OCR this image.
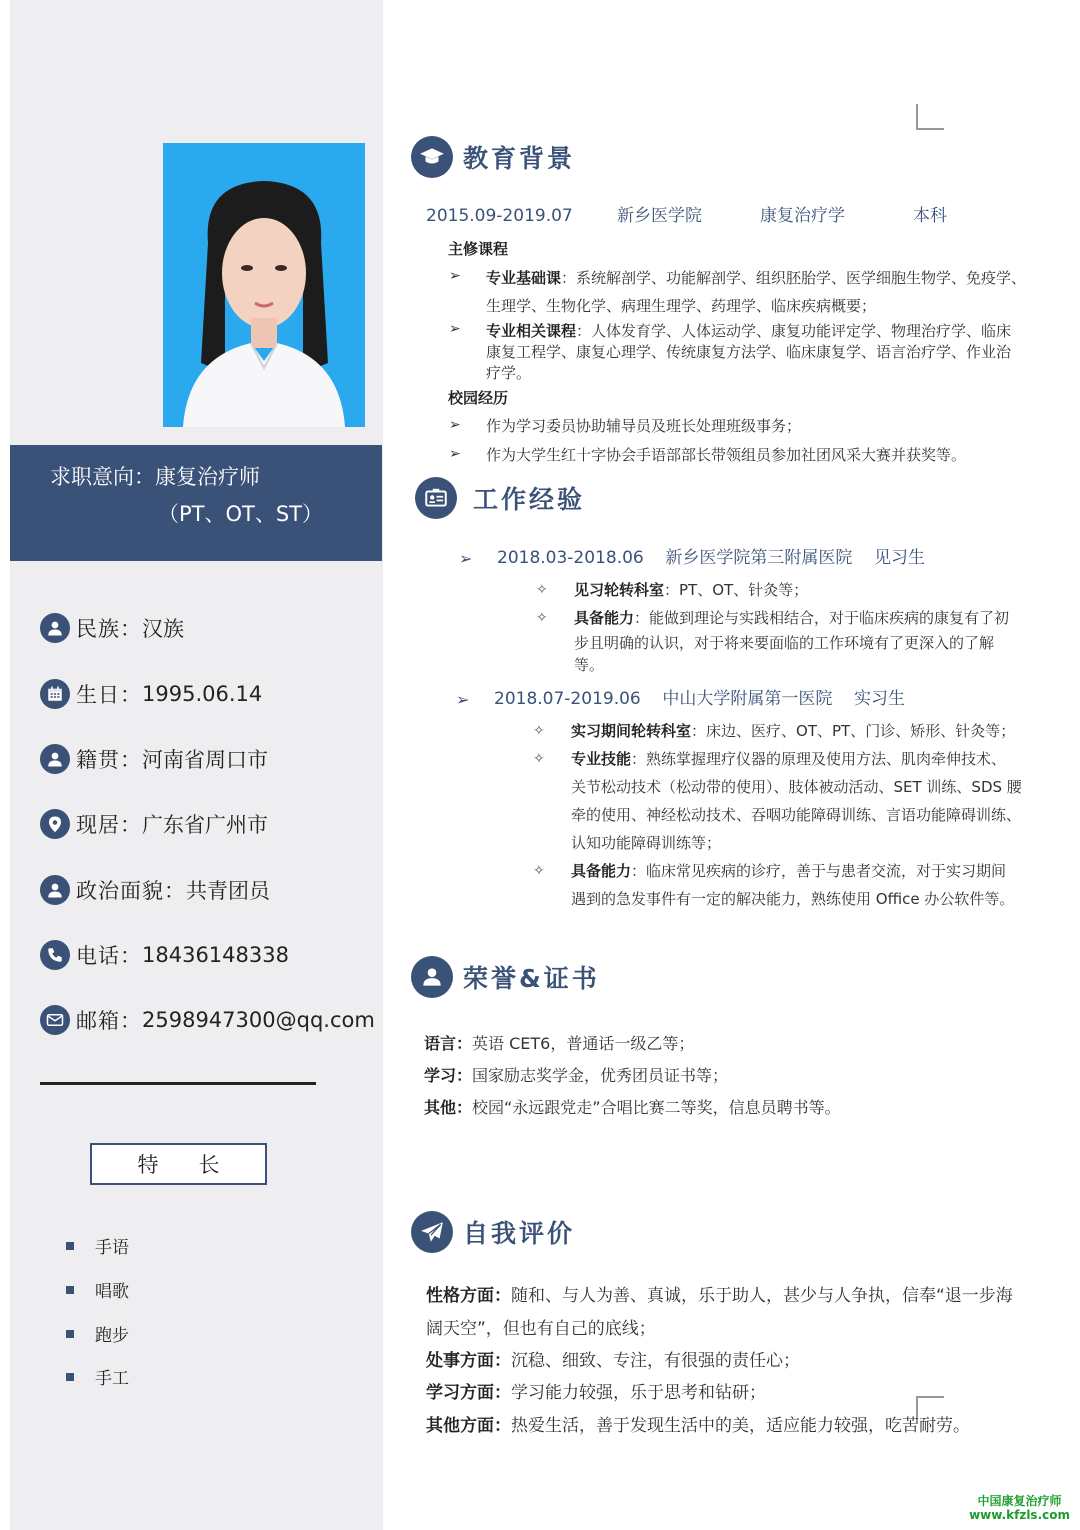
求职意向：康复治疗师
（PT、OT、ST）
民族： 汉族
生日： 1995.06.14
籍贯： 河南省周口市
现居： 广东省广州市
政治面貌： 共青团员
电话： 18436148338
邮箱： 2598947300@qq.com
特长
手语
唱歌
跑步
手工
教育背景
2015.09-2019.07	新乡医学院	康复治疗学	本科
主修课程
➢ 专业基础课：系统解剖学、功能解剖学、组织胚胎学、医学细胞生物学、免疫学、
生理学、生物化学、病理生理学、药理学、临床疾病概要；
➢ 专业相关课程：人体发育学、人体运动学、康复功能评定学、物理治疗学、临床
康复工程学、康复心理学、传统康复方法学、临床康复学、语言治疗学、作业治
疗学。
校园经历
➢ 作为学习委员协助辅导员及班长处理班级事务；
➢ 作为大学生红十字协会手语部部长带领组员参加社团风采大赛并获奖等。
工作经验
➢ 2018.03-2018.06    新乡医学院第三附属医院    见习生
✧ 见习轮转科室：PT、OT、针灸等；
✧ 具备能力：能做到理论与实践相结合，对于临床疾病的康复有了初
步且明确的认识，对于将来要面临的工作环境有了更深入的了解
等。
➢ 2018.07-2019.06    中山大学附属第一医院    实习生
✧ 实习期间轮转科室：床边、医疗、OT、PT、门诊、矫形、针灸等；
✧ 专业技能：熟练掌握理疗仪器的原理及使用方法、肌肉牵伸技术、
关节松动技术（松动带的使用）、肢体被动活动、SET 训练、SDS 腰
牵的使用、神经松动技术、吞咽功能障碍训练、言语功能障碍训练、
认知功能障碍训练等；
✧ 具备能力：临床常见疾病的诊疗，善于与患者交流，对于实习期间
遇到的急发事件有一定的解决能力，熟练使用 Office 办公软件等。
荣誉&证书
语言：英语 CET6，普通话一级乙等；
学习：国家励志奖学金，优秀团员证书等；
其他：校园“永远跟党走”合唱比赛二等奖，信息员聘书等。
自我评价
性格方面：随和、与人为善、真诚，乐于助人，甚少与人争执，信奉“退一步海
阔天空”，但也有自己的底线；
处事方面：沉稳、细致、专注，有很强的责任心；
学习方面：学习能力较强，乐于思考和钻研；
其他方面：热爱生活，善于发现生活中的美，适应能力较强，吃苦耐劳。
中国康复治疗师
www.kfzls.com
